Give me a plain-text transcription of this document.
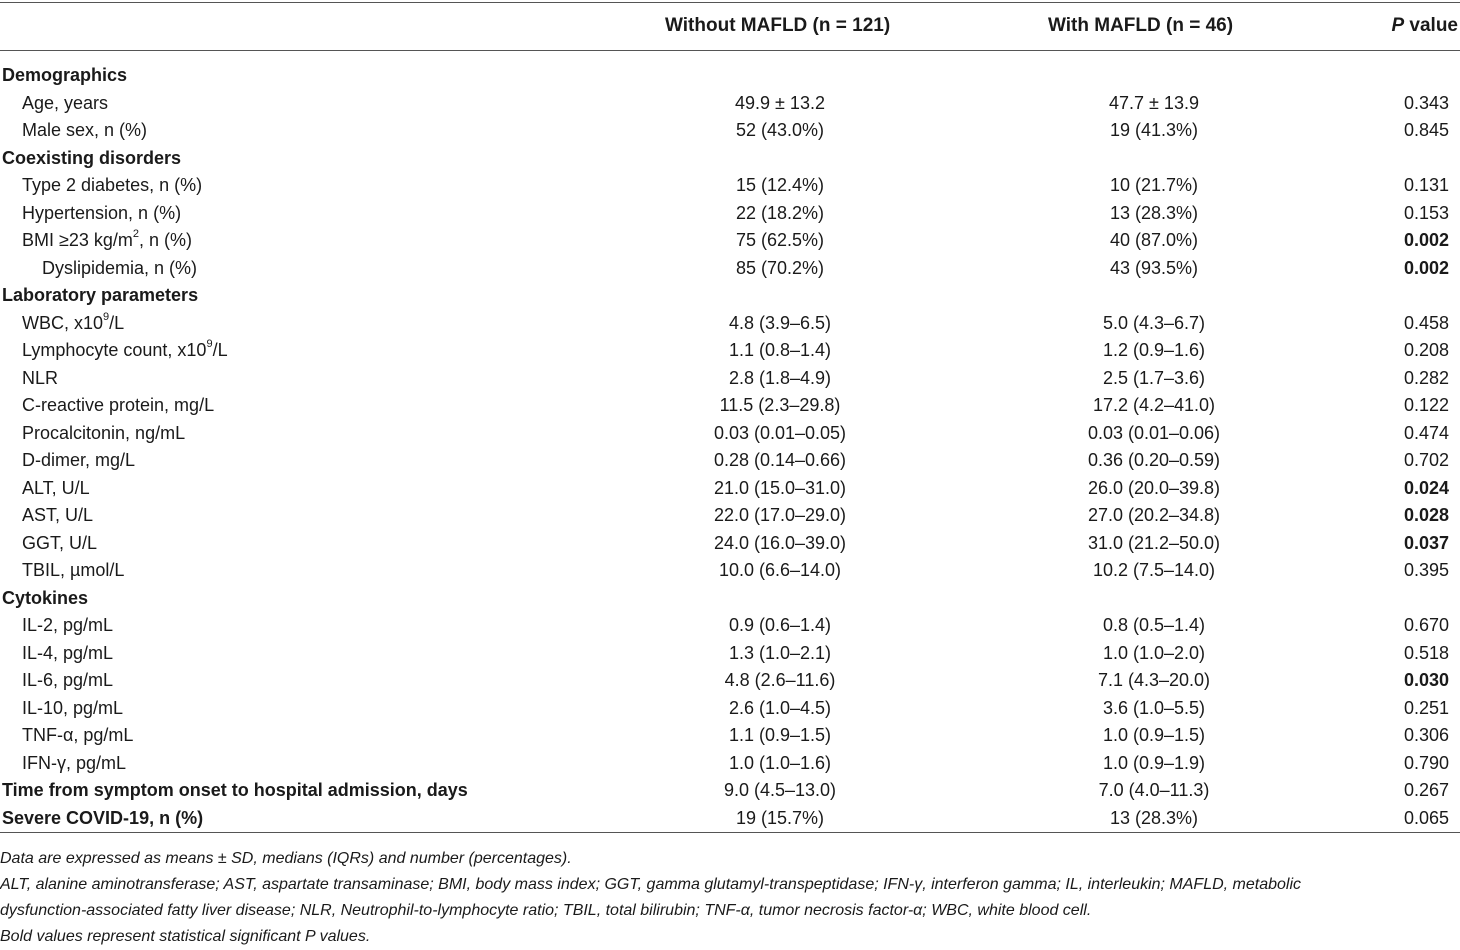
Without MAFLD (n = 121)	With MAFLD (n = 46)	P value
Demographics
Age, years	49.9 ± 13.2	47.7 ± 13.9	0.343
Male sex, n (%)	52 (43.0%)	19 (41.3%)	0.845
Coexisting disorders
Type 2 diabetes, n (%)	15 (12.4%)	10 (21.7%)	0.131
Hypertension, n (%)	22 (18.2%)	13 (28.3%)	0.153
BMI ≥23 $kg/m^2$, n (%)	75 (62.5%)	40 (87.0%)	0.002
Dyslipidemia, n (%)	85 (70.2%)	43 (93.5%)	0.002
Laboratory parameters
WBC, $x10^9/L$	4.8 (3.9–6.5)	5.0 (4.3–6.7)	0.458
Lymphocyte count, $x10^9/L$	1.1 (0.8–1.4)	1.2 (0.9–1.6)	0.208
NLR	2.8 (1.8–4.9)	2.5 (1.7–3.6)	0.282
C-reactive protein, mg/L	11.5 (2.3–29.8)	17.2 (4.2–41.0)	0.122
Procalcitonin, ng/mL	0.03 (0.01–0.05)	0.03 (0.01–0.06)	0.474
D-dimer, mg/L	0.28 (0.14–0.66)	0.36 (0.20–0.59)	0.702
ALT, U/L	21.0 (15.0–31.0)	26.0 (20.0–39.8)	0.024
AST, U/L	22.0 (17.0–29.0)	27.0 (20.2–34.8)	0.028
GGT, U/L	24.0 (16.0–39.0)	31.0 (21.2–50.0)	0.037
TBIL, µmol/L	10.0 (6.6–14.0)	10.2 (7.5–14.0)	0.395
Cytokines
IL-2, pg/mL	0.9 (0.6–1.4)	0.8 (0.5–1.4)	0.670
IL-4, pg/mL	1.3 (1.0–2.1)	1.0 (1.0–2.0)	0.518
IL-6, pg/mL	4.8 (2.6–11.6)	7.1 (4.3–20.0)	0.030
IL-10, pg/mL	2.6 (1.0–4.5)	3.6 (1.0–5.5)	0.251
TNF-α, pg/mL	1.1 (0.9–1.5)	1.0 (0.9–1.5)	0.306
IFN-γ, pg/mL	1.0 (1.0–1.6)	1.0 (0.9–1.9)	0.790
Time from symptom onset to hospital admission, days	9.0 (4.5–13.0)	7.0 (4.0–11.3)	0.267
Severe COVID-19, n (%)	19 (15.7%)	13 (28.3%)	0.065
Data are expressed as means ± SD, medians (IQRs) and number (percentages).
ALT, alanine aminotransferase; AST, aspartate transaminase; BMI, body mass index; GGT, gamma glutamyl-transpeptidase; IFN-γ, interferon gamma; IL, interleukin; MAFLD, metabolic
dysfunction-associated fatty liver disease; NLR, Neutrophil-to-lymphocyte ratio; TBIL, total bilirubin; TNF-α, tumor necrosis factor-α; WBC, white blood cell.
Bold values represent statistical significant P values.
